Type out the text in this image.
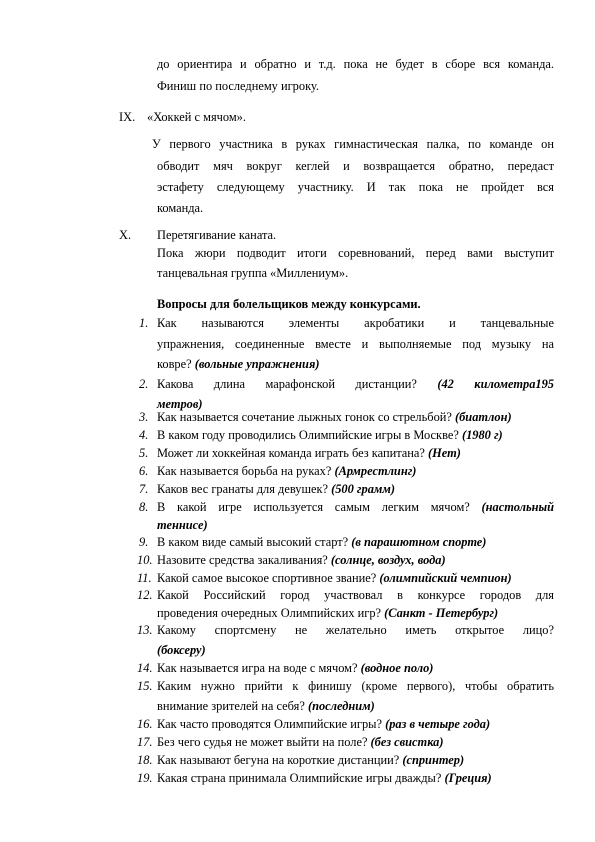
до ориентира и обратно и т.д. пока не будет в сборе вся команда.
Финиш по последнему игроку.
IX. «Хоккей с мячом».
У первого участника в руках гимнастическая палка, по команде он
обводит мяч вокруг кеглей и возвращается обратно, передаст
эстафету следующему участнику. И так пока не пройдет вся
команда.
X. Перетягивание каната.
Пока жюри подводит итоги соревнований, перед вами выступит
танцевальная группа «Миллениум».
Вопросы для болельщиков между конкурсами.
1. Как называются элементы акробатики и танцевальные
упражнения, соединенные вместе и выполняемые под музыку на
ковре? (вольные упражнения)
2. Какова длина марафонской дистанции? (42 километра195
метров)
3. Как называется сочетание лыжных гонок со стрельбой? (биатлон)
4. В каком году проводились Олимпийские игры в Москве? (1980 г)
5. Может ли хоккейная команда играть без капитана? (Нет)
6. Как называется борьба на руках? (Армрестлинг)
7. Каков вес гранаты для девушек? (500 грамм)
8. В какой игре используется самым легким мячом? (настольный
теннисе)
9. В каком виде самый высокий старт? (в парашютном спорте)
10. Назовите средства закаливания? (солнце, воздух, вода)
11. Какой самое высокое спортивное звание? (олимпийский чемпион)
12. Какой Российский город участвовал в конкурсе городов для
проведения очередных Олимпийских игр? (Санкт - Петербург)
13. Какому спортсмену не желательно иметь открытое лицо?
(боксеру)
14. Как называется игра на воде с мячом? (водное поло)
15. Каким нужно прийти к финишу (кроме первого), чтобы обратить
внимание зрителей на себя? (последним)
16. Как часто проводятся Олимпийские игры? (раз в четыре года)
17. Без чего судья не может выйти на поле? (без свистка)
18. Как называют бегуна на короткие дистанции? (спринтер)
19. Какая страна принимала Олимпийские игры дважды? (Греция)
